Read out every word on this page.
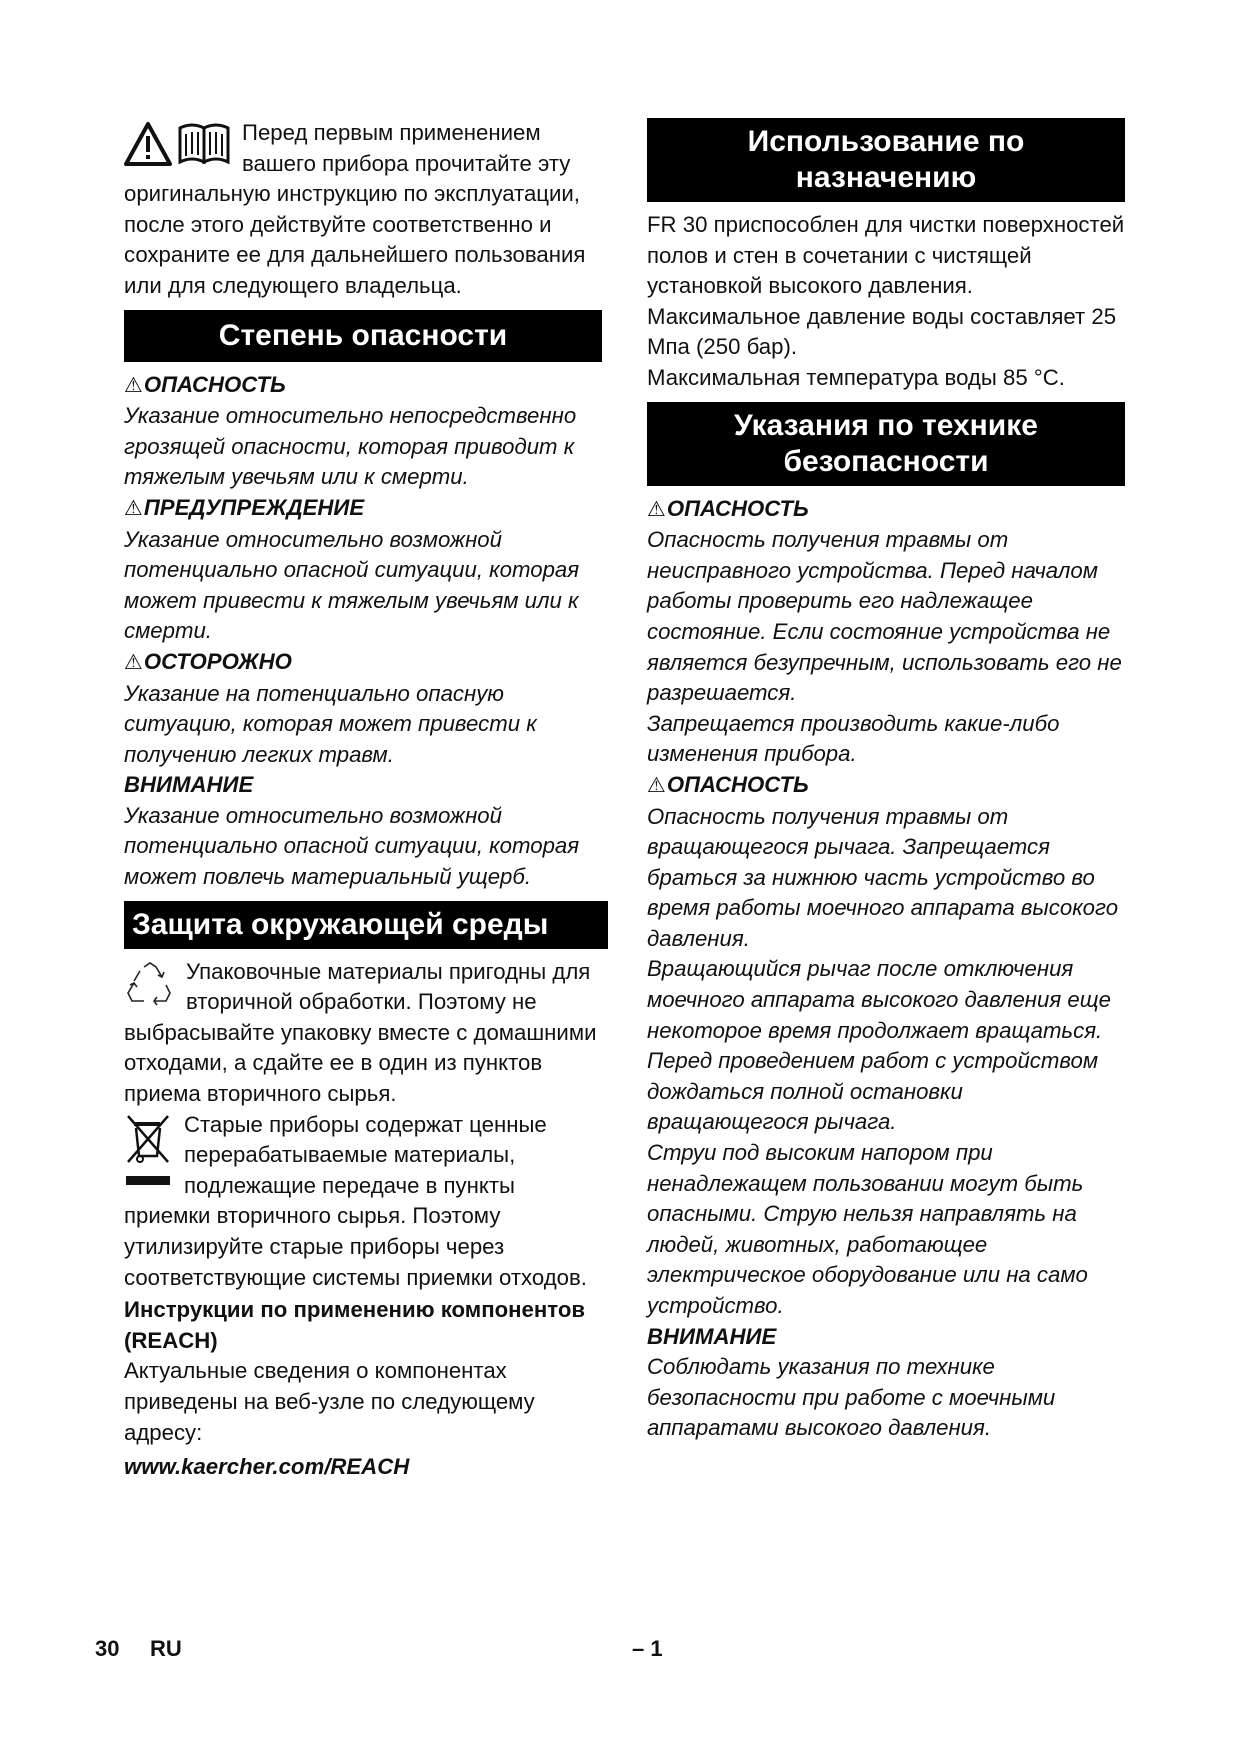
Перед первым применением вашего прибора прочитайте эту оригинальную инструкцию по эксплуатации, после этого действуйте соответственно и сохраните ее для дальнейшего пользования или для следующего владельца.

Степень опасности
⚠ОПАСНОСТЬ

Указание относительно непосредственно грозящей опасности, которая приводит к тяжелым увечьям или к смерти.

⚠ПРЕДУПРЕЖДЕНИЕ

Указание относительно возможной потенциально опасной ситуации, которая может привести к тяжелым увечьям или к смерти.

⚠ОСТОРОЖНО

Указание на потенциально опасную ситуацию, которая может привести к получению легких травм.

ВНИМАНИЕ

Указание относительно возможной потенциально опасной ситуации, которая может повлечь материальный ущерб.

Защита окружающей среды

Упаковочные материалы пригодны для вторичной обработки. Поэтому не выбрасывайте упаковку вместе с домашними отходами, а сдайте ее в один из пунктов приема вторичного сырья.

Старые приборы содержат ценные перерабатываемые материалы, подлежащие передаче в пункты приемки вторичного сырья. Поэтому утилизируйте старые приборы через соответствующие системы приемки отходов.

Инструкции по применению компонентов (REACH)

Актуальные сведения о компонентах приведены на веб-узле по следующему адресу:

www.kaercher.com/REACH

Использование по
назначению

FR 30 приспособлен для чистки поверхностей полов и стен в сочетании с чистящей установкой высокого давления. Максимальное давление воды составляет 25 Мпа (250 бар).

Максимальная температура воды 85 °C.

Указания по технике
безопасности
⚠ОПАСНОСТЬ

Опасность получения травмы от неисправного устройства. Перед началом работы проверить его надлежащее состояние. Если состояние устройства не является безупречным, использовать его не разрешается.

Запрещается производить какие-либо изменения прибора.

⚠ОПАСНОСТЬ

Опасность получения травмы от вращающегося рычага. Запрещается браться за нижнюю часть устройство во время работы моечного аппарата высокого давления.

Вращающийся рычаг после отключения моечного аппарата высокого давления еще некоторое время продолжает вращаться. Перед проведением работ с устройством дождаться полной остановки вращающегося рычага.

Струи под высоким напором при ненадлежащем пользовании могут быть опасными. Струю нельзя направлять на людей, животных, работающее электрическое оборудование или на само устройство.

ВНИМАНИЕ

Соблюдать указания по технике безопасности при работе с моечными аппаратами высокого давления.

30 RU	– 1
